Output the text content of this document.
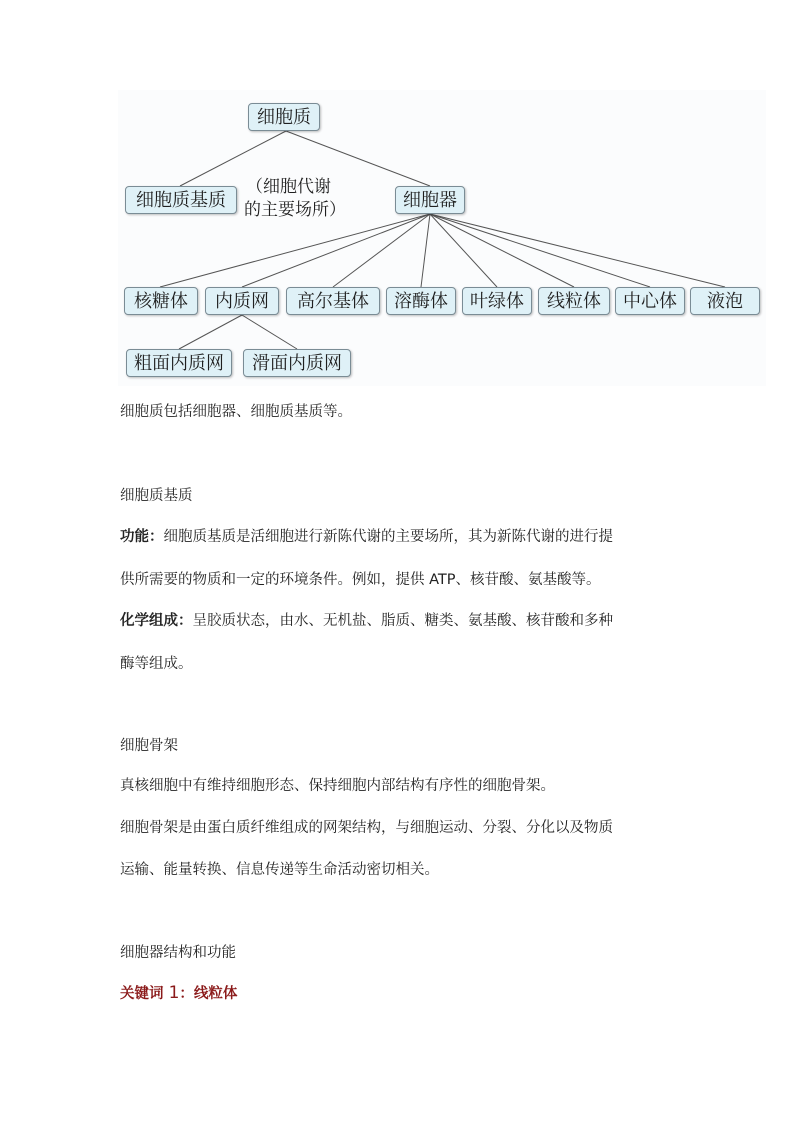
细胞质
细胞质基质
（细胞代谢
的主要场所）	细胞器
核糖体	内质网	高尔基体	溶酶体	叶绿体	线粒体	中心体	液泡
粗面内质网	滑面内质网
细胞质包括细胞器、细胞质基质等。
细胞质基质
功能：细胞质基质是活细胞进行新陈代谢的主要场所，其为新陈代谢的进行提
供所需要的物质和一定的环境条件。例如，提供 ATP、核苷酸、氨基酸等。
化学组成：呈胶质状态，由水、无机盐、脂质、糖类、氨基酸、核苷酸和多种
酶等组成。
细胞骨架
真核细胞中有维持细胞形态、保持细胞内部结构有序性的细胞骨架。
细胞骨架是由蛋白质纤维组成的网架结构，与细胞运动、分裂、分化以及物质
运输、能量转换、信息传递等生命活动密切相关。
细胞器结构和功能
关键词 1：线粒体
